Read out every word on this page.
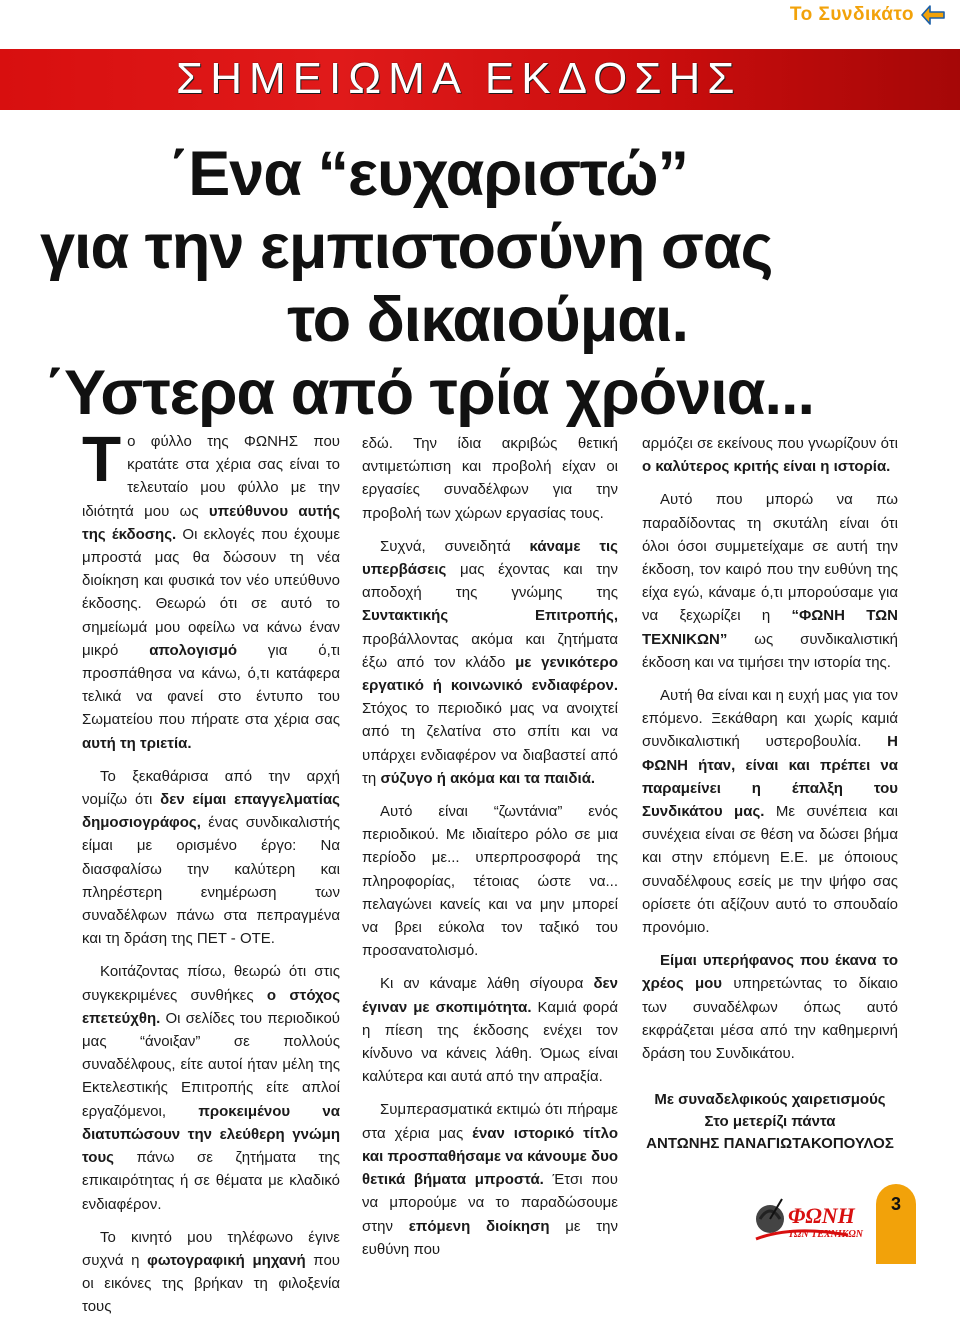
Το Συνδικάτο
ΣΗΜΕΙΩΜΑ ΕΚΔΟΣΗΣ
΄Ενα “ευχαριστώ”
για την εμπιστοσύνη σας
το δικαιούμαι.
΄Υστερα από τρία χρόνια...

Το φύλλο της ΦΩΝΗΣ που κρατάτε στα χέρια σας είναι το τελευταίο μου φύλλο με την ιδιότητά μου ως υπεύθυνου αυτής της έκδοσης. Οι εκλογές που έχουμε μπροστά μας θα δώσουν τη νέα διοίκηση και φυσικά τον νέο υπεύθυνο έκδοσης. Θεωρώ ότι σε αυτό το σημείωμά μου οφείλω να κάνω έναν μικρό απολογισμό για ό,τι προσπάθησα να κάνω, ό,τι κατάφερα τελικά να φανεί στο έντυπο του Σωματείου που πήρατε στα χέρια σας αυτή τη τριετία.

Το ξεκαθάρισα από την αρχή νομίζω ότι δεν είμαι επαγγελματίας δημοσιογράφος, ένας συνδικαλιστής είμαι με ορισμένο έργο: Να διασφαλίσω την καλύτερη και πληρέστερη ενημέρωση των συναδέλφων πάνω στα πεπραγμένα και τη δράση της ΠΕΤ - ΟΤΕ.

Κοιτάζοντας πίσω, θεωρώ ότι στις συγκεκριμένες συνθήκες ο στόχος επετεύχθη. Οι σελίδες του περιοδικού μας “άνοιξαν” σε πολλούς συναδέλφους, είτε αυτοί ήταν μέλη της Εκτελεστικής Επιτροπής είτε απλοί εργαζόμενοι, προκειμένου να διατυπώσουν την ελεύθερη γνώμη τους πάνω σε ζητήματα της επικαιρότητας ή σε θέματα με κλαδικό ενδιαφέρον.

Το κινητό μου τηλέφωνο έγινε συχνά η φωτογραφική μηχανή που οι εικόνες της βρήκαν τη φιλοξενία τους

εδώ. Την ίδια ακριβώς θετική αντιμετώπιση και προβολή είχαν οι εργασίες συναδέλφων για την προβολή των χώρων εργασίας τους.

Συχνά, συνειδητά κάναμε τις υπερβάσεις μας έχοντας και την αποδοχή της γνώμης της Συντακτικής Επιτροπής, προβάλλοντας ακόμα και ζητήματα έξω από τον κλάδο με γενικότερο εργατικό ή κοινωνικό ενδιαφέρον. Στόχος το περιοδικό μας να ανοιχτεί από τη ζελατίνα στο σπίτι και να υπάρχει ενδιαφέρον να διαβαστεί από τη σύζυγο ή ακόμα και τα παιδιά.

Αυτό είναι “ζωντάνια” ενός περιοδικού. Με ιδιαίτερο ρόλο σε μια περίοδο με... υπερπροσφορά της πληροφορίας, τέτοιας ώστε να... πελαγώνει κανείς και να μην μπορεί να βρει εύκολα τον ταξικό του προσανατολισμό.

Κι αν κάναμε λάθη σίγουρα δεν έγιναν με σκοπιμότητα. Καμιά φορά η πίεση της έκδοσης ενέχει τον κίνδυνο να κάνεις λάθη. Όμως είναι καλύτερα και αυτά από την απραξία.

Συμπερασματικά εκτιμώ ότι πήραμε στα χέρια μας έναν ιστορικό τίτλο και προσπαθήσαμε να κάνουμε δυο θετικά βήματα μπροστά. Έτσι που να μπορούμε να το παραδώσουμε στην επόμενη διοίκηση με την ευθύνη που

αρμόζει σε εκείνους που γνωρίζουν ότι ο καλύτερος κριτής είναι η ιστορία.

Αυτό που μπορώ να πω παραδίδοντας τη σκυτάλη είναι ότι όλοι όσοι συμμετείχαμε σε αυτή την έκδοση, τον καιρό που την ευθύνη της είχα εγώ, κάναμε ό,τι μπορούσαμε για να ξεχωρίζει η “ΦΩΝΗ ΤΩΝ ΤΕΧΝΙΚΩΝ” ως συνδικαλιστική έκδοση και να τιμήσει την ιστορία της.

Αυτή θα είναι και η ευχή μας για τον επόμενο. Ξεκάθαρη και χωρίς καμιά συνδικαλιστική υστεροβουλία. Η ΦΩΝΗ ήταν, είναι και πρέπει να παραμείνει η έπαλξη του Συνδικάτου μας. Με συνέπεια και συνέχεια είναι σε θέση να δώσει βήμα και στην επόμενη Ε.Ε. με όποιους συναδέλφους εσείς με την ψήφο σας ορίσετε ότι αξίζουν αυτό το σπουδαίο προνόμιο.

Είμαι υπερήφανος που έκανα το χρέος μου υπηρετώντας το δίκαιο των συναδέλφων όπως αυτό εκφράζεται μέσα από την καθημερινή δράση του Συνδικάτου.

Με συναδελφικούς χαιρετισμούς
Στο μετερίζι πάντα
ΑΝΤΩΝΗΣ ΠΑΝΑΓΙΩΤΑΚΟΠΟΥΛΟΣ
ΦΩΝΗ
ΤΩΝ ΤΕΧΝΙΚΩΝ
3
